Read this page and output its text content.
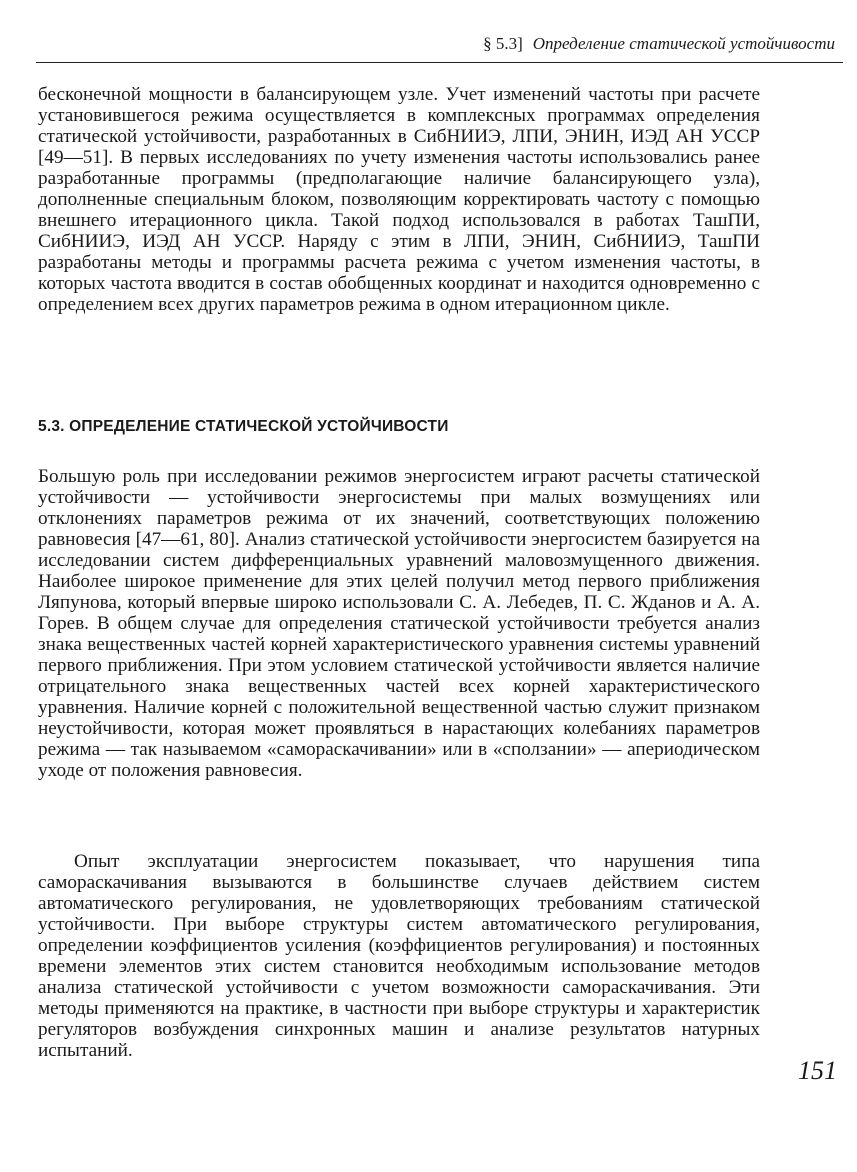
§ 5.3] Определение статической устойчивости
бесконечной мощности в балансирующем узле. Учет изменений частоты при расчете установившегося режима осуществляется в комплексных программах определения статической устойчивости, разработанных в СибНИИЭ, ЛПИ, ЭНИН, ИЭД АН УССР [49—51]. В первых исследованиях по учету изменения частоты использовались ранее разработанные программы (предполагающие наличие балансирующего узла), дополненные специальным блоком, позволяющим корректировать частоту с помощью внешнего итерационного цикла. Такой подход использовался в работах ТашПИ, СибНИИЭ, ИЭД АН УССР. Наряду с этим в ЛПИ, ЭНИН, СибНИИЭ, ТашПИ разработаны методы и программы расчета режима с учетом изменения частоты, в которых частота вводится в состав обобщенных координат и находится одновременно с определением всех других параметров режима в одном итерационном цикле.
5.3. ОПРЕДЕЛЕНИЕ СТАТИЧЕСКОЙ УСТОЙЧИВОСТИ
Большую роль при исследовании режимов энергосистем играют расчеты статической устойчивости — устойчивости энергосистемы при малых возмущениях или отклонениях параметров режима от их значений, соответствующих положению равновесия [47—61, 80]. Анализ статической устойчивости энергосистем базируется на исследовании систем дифференциальных уравнений маловозмущенного движения. Наиболее широкое применение для этих целей получил метод первого приближения Ляпунова, который впервые широко использовали С. А. Лебедев, П. С. Жданов и А. А. Горев. В общем случае для определения статической устойчивости требуется анализ знака вещественных частей корней характеристического уравнения системы уравнений первого приближения. При этом условием статической устойчивости является наличие отрицательного знака вещественных частей всех корней характеристического уравнения. Наличие корней с положительной вещественной частью служит признаком неустойчивости, которая может проявляться в нарастающих колебаниях параметров режима — так называемом «самораскачивании» или в «сползании» — апериодическом уходе от положения равновесия.
Опыт эксплуатации энергосистем показывает, что нарушения типа самораскачивания вызываются в большинстве случаев действием систем автоматического регулирования, не удовлетворяющих требованиям статической устойчивости. При выборе структуры систем автоматического регулирования, определении коэффициентов усиления (коэффициентов регулирования) и постоянных времени элементов этих систем становится необходимым использование методов анализа статической устойчивости с учетом возможности самораскачивания. Эти методы применяются на практике, в частности при выборе структуры и характеристик регуляторов возбуждения синхронных машин и анализе результатов натурных испытаний.
151
